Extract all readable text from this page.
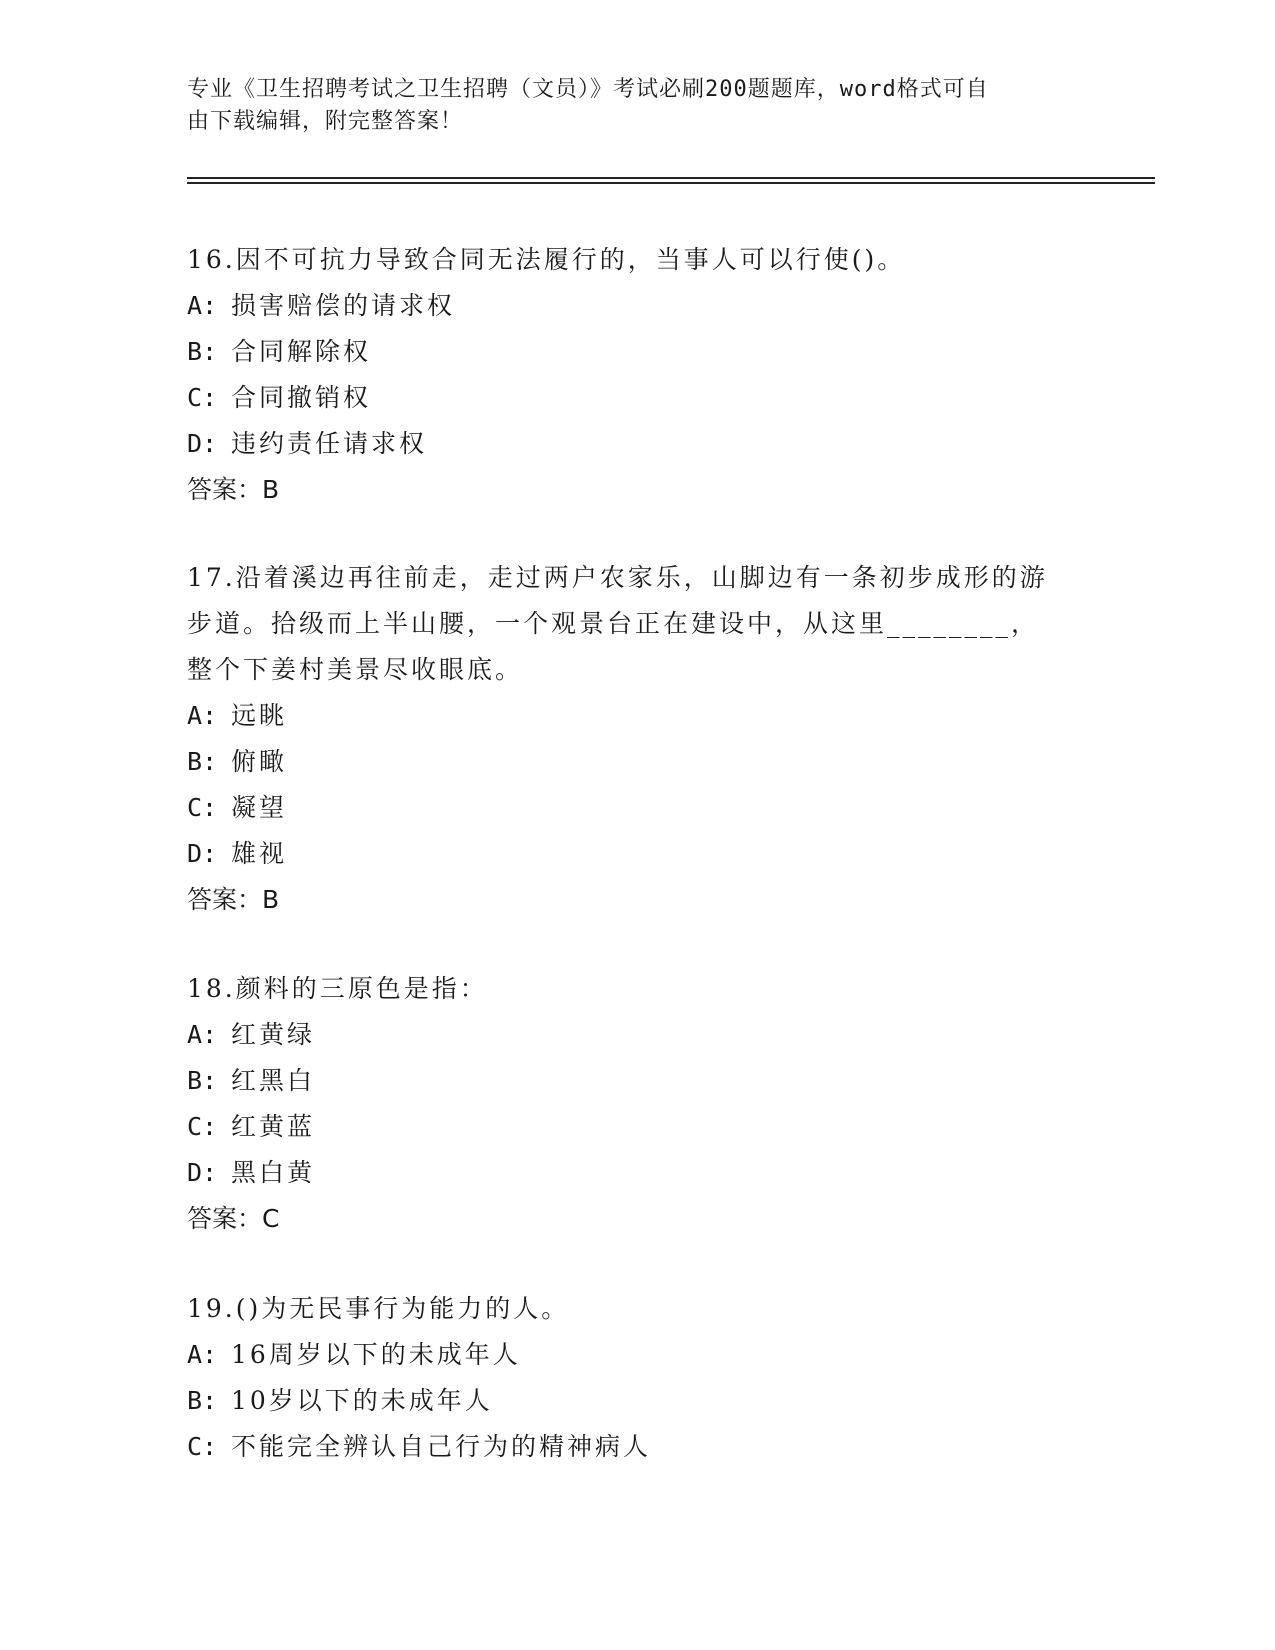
专业《卫生招聘考试之卫生招聘（文员）》考试必刷200题题库，word格式可自
由下载编辑，附完整答案！
16.因不可抗力导致合同无法履行的，当事人可以行使()。
A: 损害赔偿的请求权
B: 合同解除权
C: 合同撤销权
D: 违约责任请求权
答案：B
17.沿着溪边再往前走，走过两户农家乐，山脚边有一条初步成形的游
步道。拾级而上半山腰，一个观景台正在建设中，从这里________，
整个下姜村美景尽收眼底。
A: 远眺
B: 俯瞰
C: 凝望
D: 雄视
答案：B
18.颜料的三原色是指：
A: 红黄绿
B: 红黑白
C: 红黄蓝
D: 黑白黄
答案：C
19.()为无民事行为能力的人。
A: 16周岁以下的未成年人
B: 10岁以下的未成年人
C: 不能完全辨认自己行为的精神病人
